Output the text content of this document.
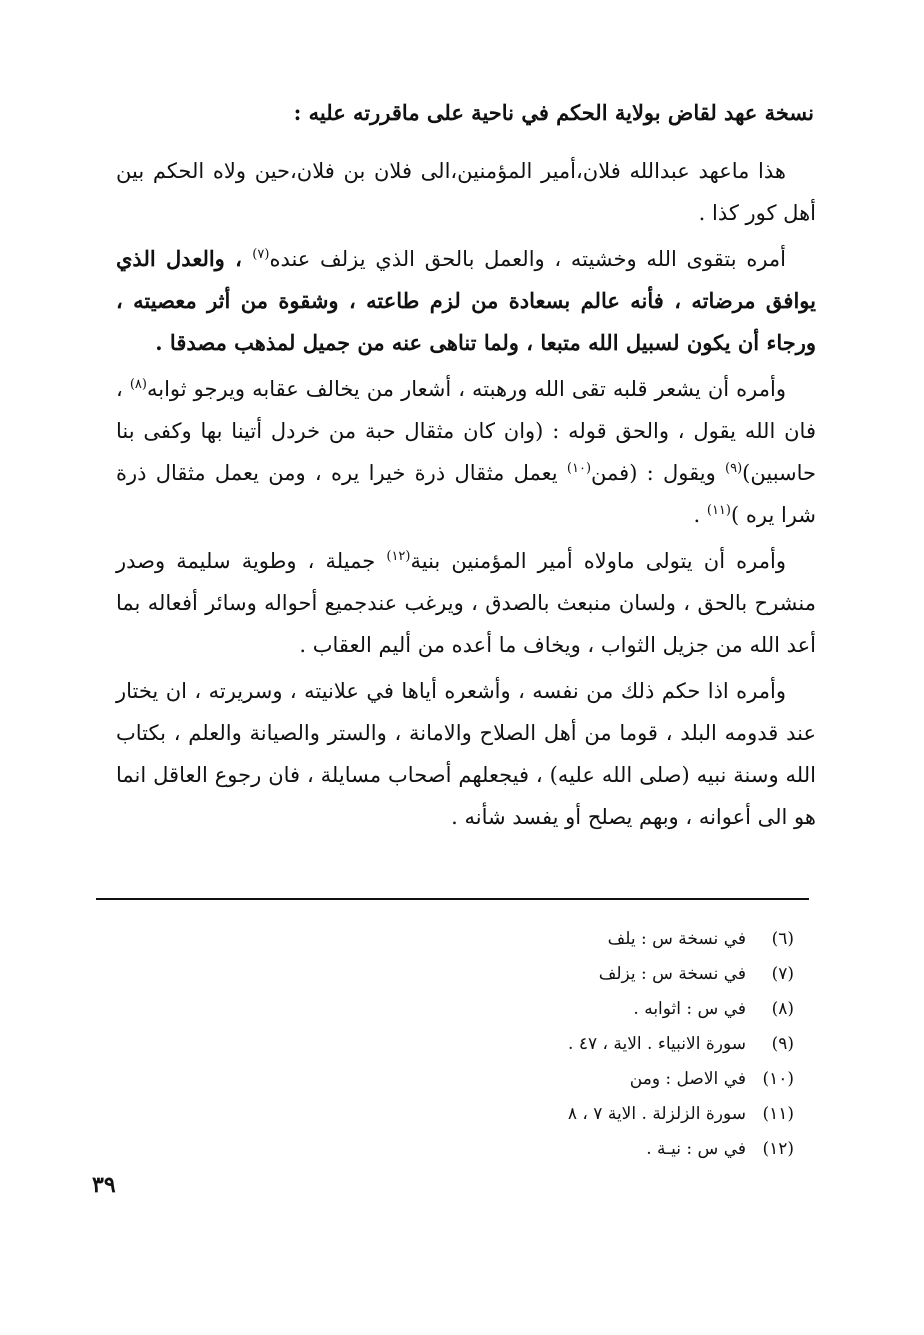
نسخة عهد لقاض بولاية الحكم في ناحية على ماقررته عليه :

هذا ماعهد عبدالله فلان،أمير المؤمنين،الى فلان بن فلان،حين ولاه الحكم بين أهل كور كذا .

أمره بتقوى الله وخشيته ، والعمل بالحق الذي يزلف عنده$^{(٧)}$ ، والعدل الذي يوافق مرضاته ، فأنه عالم بسعادة من لزم طاعته ، وشقوة من أثر معصيته ، ورجاء أن يكون لسبيل الله متبعا ، ولما تناهى عنه من جميل لمذهب مصدقا .

وأمره أن يشعر قلبه تقى الله ورهبته ، أشعار من يخالف عقابه ويرجو ثوابه$^{(٨)}$ ، فان الله يقول ، والحق قوله : (وان كان مثقال حبة من خردل أتينا بها وكفى بنا حاسبين)$^{(٩)}$ ويقول : (فمن$^{(١٠)}$ يعمل مثقال ذرة خيرا يره ، ومن يعمل مثقال ذرة شرا يره )$^{(١١)}$ .

وأمره أن يتولى ماولاه أمير المؤمنين بنية$^{(١٢)}$ جميلة ، وطوية سليمة وصدر منشرح بالحق ، ولسان منبعث بالصدق ، ويرغب عندجميع أحواله وسائر أفعاله بما أعد الله من جزيل الثواب ، ويخاف ما أعده من أليم العقاب .

وأمره اذا حكم ذلك من نفسه ، وأشعره أياها في علانيته ، وسريرته ، ان يختار عند قدومه البلد ، قوما من أهل الصلاح والامانة ، والستر والصيانة والعلم ، بكتاب الله وسنة نبيه (صلى الله عليه) ، فيجعلهم أصحاب مسايلة ، فان رجوع العاقل انما هو الى أعوانه ، وبهم يصلح أو يفسد شأنه .

(٦)في نسخة س : يلف
(٧)في نسخة س : يزلف
(٨)في س : اثوابه .
(٩)سورة الانبياء . الاية ، ٤٧ .
(١٠)في الاصل : ومن
(١١)سورة الزلزلة . الاية ٧ ، ٨
(١٢)في س : نيـة .
٣٩
